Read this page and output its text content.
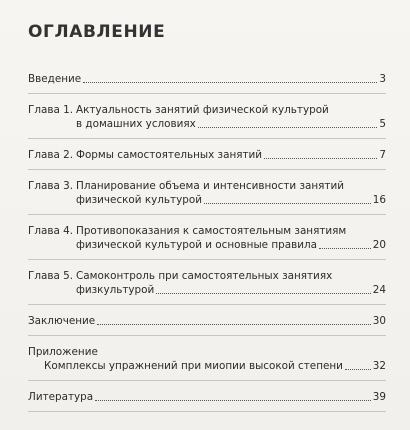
ОГЛАВЛЕНИЕ
Введение	3
Глава 1. Актуальность занятий физической культурой
в домашних условиях	5
Глава 2. Формы самостоятельных занятий	7
Глава 3. Планирование объема и интенсивности занятий
физической культурой	16
Глава 4. Противопоказания к самостоятельным занятиям
физической культурой и основные правила	20
Глава 5. Самоконтроль при самостоятельных занятиях
физкультурой	24
Заключение	30
Приложение
Комплексы упражнений при миопии высокой степени	32
Литература	39
